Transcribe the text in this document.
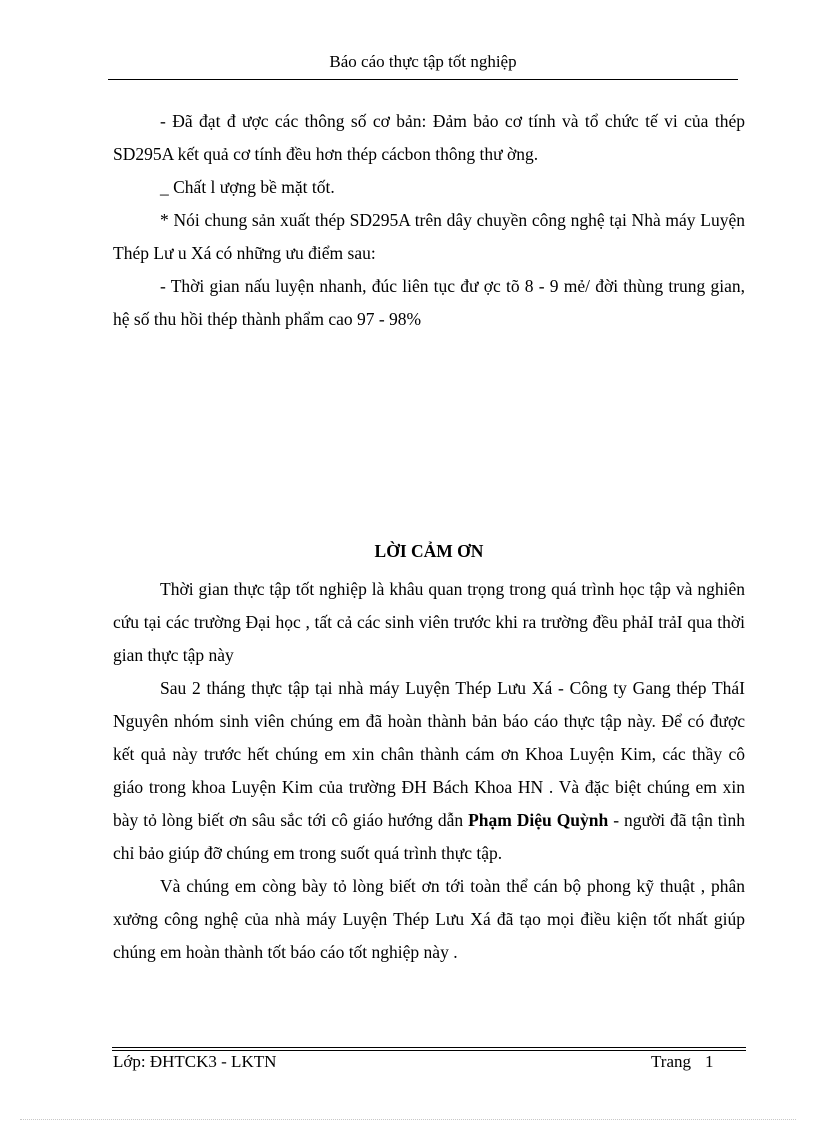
Báo cáo thực tập tốt nghiệp

- Đã đạt đ ược các thông số cơ bản: Đảm bảo cơ tính và tổ chức tế vi của thép SD295A kết quả cơ tính đều hơn thép cácbon thông thư ờng.

_ Chất l ượng bề mặt tốt.

* Nói chung sản xuất thép SD295A trên dây chuyền công nghệ tại Nhà máy Luyện Thép Lư u Xá có những ưu điểm sau:

- Thời gian nấu luyện nhanh, đúc liên tục đư ợc tõ 8 - 9 mẻ/ đời thùng trung gian, hệ số thu hồi thép thành phẩm cao 97 - 98%

LỜI CẢM ƠN

Thời gian thực tập tốt nghiệp là khâu quan trọng trong quá trình học tập và nghiên cứu tại các trường Đại học , tất cả các sinh viên trước khi ra trường đều phảI trảI qua thời gian thực tập này

Sau 2 tháng thực tập tại nhà máy Luyện Thép Lưu Xá - Công ty Gang thép TháI Nguyên nhóm sinh viên chúng em đã hoàn thành bản báo cáo thực tập này. Để có được kết quả này trước hết chúng em xin chân thành cám ơn Khoa Luyện Kim, các thầy cô giáo trong khoa Luyện Kim của trường ĐH Bách Khoa HN . Và đặc biệt chúng em xin bày tỏ lòng biết ơn sâu sắc tới cô giáo hướng dẫn Phạm Diệu Quỳnh - người đã tận tình chỉ bảo giúp đỡ chúng em trong suốt quá trình thực tập.

Và chúng em còng bày tỏ lòng biết ơn tới toàn thể cán bộ phong kỹ thuật , phân xưởng công nghệ của nhà máy Luyện Thép Lưu Xá đã tạo mọi điều kiện tốt nhất giúp chúng em hoàn thành tốt báo cáo tốt nghiệp này .

Lớp: ĐHTCK3 - LKTN	Trang 1
